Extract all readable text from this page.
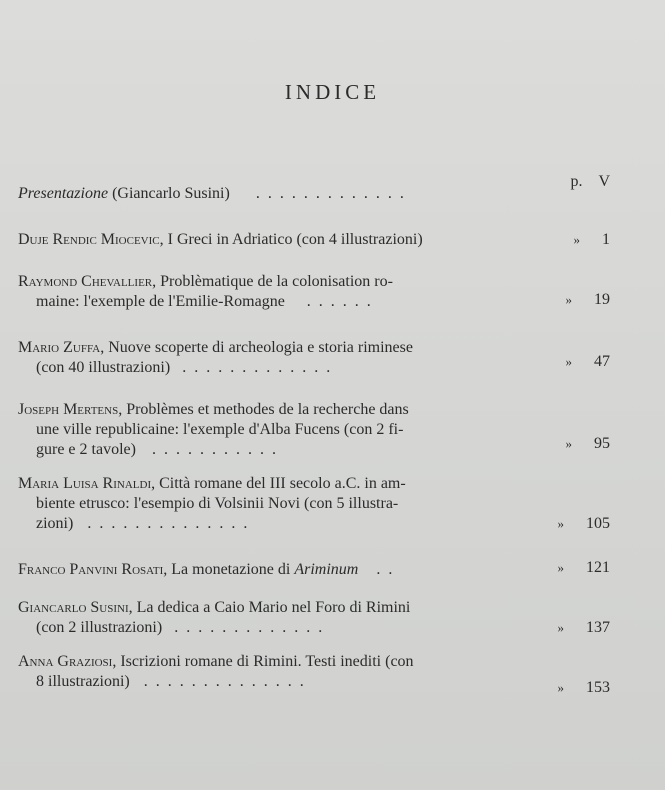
INDICE
Presentazione (Giancarlo Susini) . . . . . . . . . . . . .
p. V
Duje Rendic Miocevic, I Greci in Adriatico (con 4 illustrazioni)	» 1
Raymond Chevallier, Problèmatique de la colonisation ro-
maine: l'exemple de l'Emilie-Romagne . . . . . .	» 19
Mario Zuffa, Nuove scoperte di archeologia e storia riminese
(con 40 illustrazioni) . . . . . . . . . . . . .	» 47
Joseph Mertens, Problèmes et methodes de la recherche dans
une ville republicaine: l'exemple d'Alba Fucens (con 2 fi-
gure e 2 tavole) . . . . . . . . . . .	» 95
Maria Luisa Rinaldi, Città romane del III secolo a.C. in am-
biente etrusco: l'esempio di Volsinii Novi (con 5 illustra-
zioni) . . . . . . . . . . . . . .	» 105
Franco Panvini Rosati, La monetazione di Ariminum . .	» 121
Giancarlo Susini, La dedica a Caio Mario nel Foro di Rimini
(con 2 illustrazioni) . . . . . . . . . . . . .	» 137
Anna Graziosi, Iscrizioni romane di Rimini. Testi inediti (con
8 illustrazioni) . . . . . . . . . . . . . .	» 153
